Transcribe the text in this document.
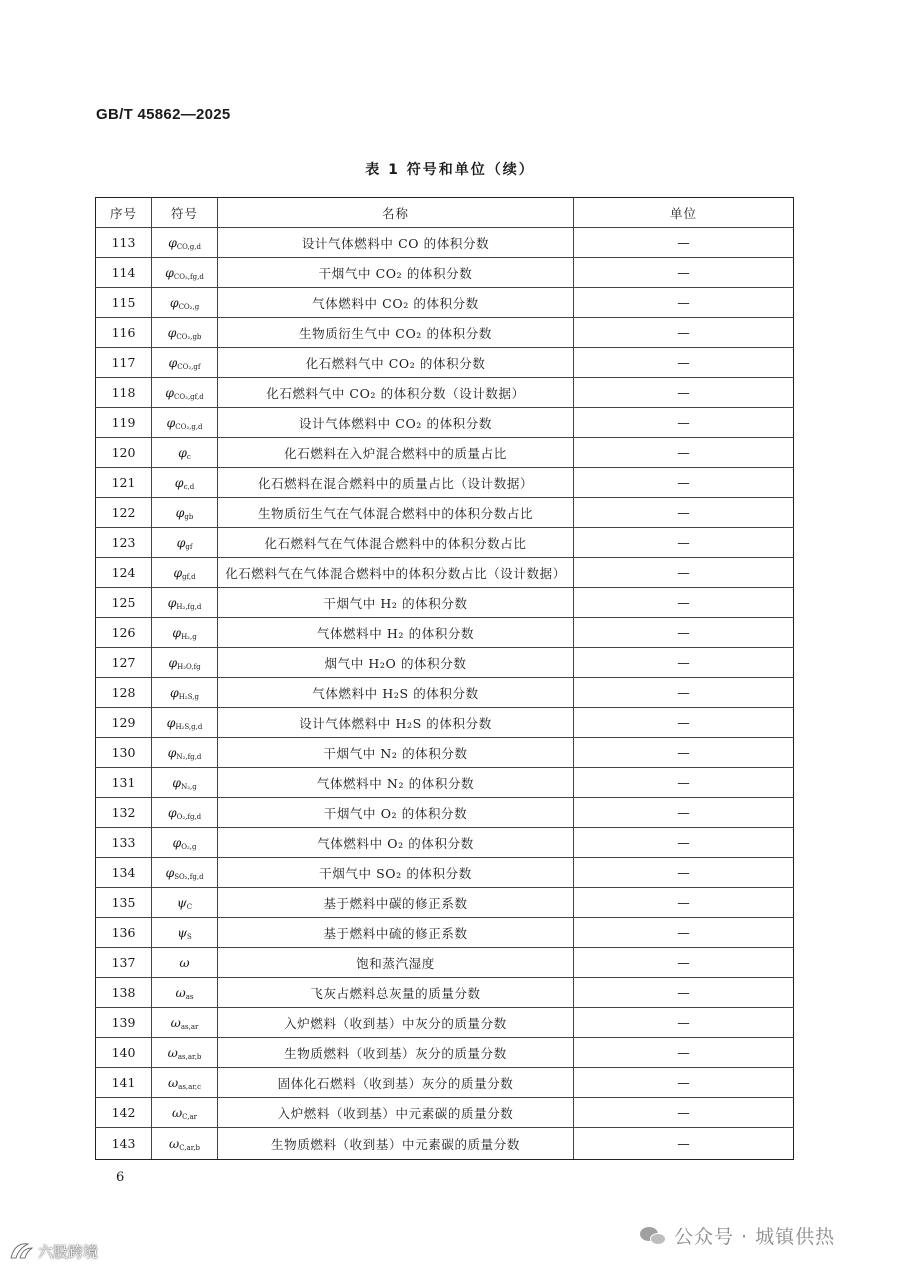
GB/T 45862—2025
表 1 符号和单位（续）
序号	符号	名称	单位
113	$\varphi_{CO,g,d}$	设计气体燃料中 CO 的体积分数	—
114	$\varphi_{CO_2,fg,d}$	干烟气中 CO₂ 的体积分数	—
115	$\varphi_{CO_2,g}$	气体燃料中 CO₂ 的体积分数	—
116	$\varphi_{CO_2,gb}$	生物质衍生气中 CO₂ 的体积分数	—
117	$\varphi_{CO_2,gf}$	化石燃料气中 CO₂ 的体积分数	—
118	$\varphi_{CO_2,gf,d}$	化石燃料气中 CO₂ 的体积分数（设计数据）	—
119	$\varphi_{CO_2,g,d}$	设计气体燃料中 CO₂ 的体积分数	—
120	$\varphi_c$	化石燃料在入炉混合燃料中的质量占比	—
121	$\varphi_{c,d}$	化石燃料在混合燃料中的质量占比（设计数据）	—
122	$\varphi_{gb}$	生物质衍生气在气体混合燃料中的体积分数占比	—
123	$\varphi_{gf}$	化石燃料气在气体混合燃料中的体积分数占比	—
124	$\varphi_{gf,d}$	化石燃料气在气体混合燃料中的体积分数占比（设计数据）	—
125	$\varphi_{H_2,fg,d}$	干烟气中 H₂ 的体积分数	—
126	$\varphi_{H_2,g}$	气体燃料中 H₂ 的体积分数	—
127	$\varphi_{H_2O,fg}$	烟气中 H₂O 的体积分数	—
128	$\varphi_{H_2S,g}$	气体燃料中 H₂S 的体积分数	—
129	$\varphi_{H_2S,g,d}$	设计气体燃料中 H₂S 的体积分数	—
130	$\varphi_{N_2,fg,d}$	干烟气中 N₂ 的体积分数	—
131	$\varphi_{N_2,g}$	气体燃料中 N₂ 的体积分数	—
132	$\varphi_{O_2,fg,d}$	干烟气中 O₂ 的体积分数	—
133	$\varphi_{O_2,g}$	气体燃料中 O₂ 的体积分数	—
134	$\varphi_{SO_2,fg,d}$	干烟气中 SO₂ 的体积分数	—
135	$\psi_C$	基于燃料中碳的修正系数	—
136	$\psi_S$	基于燃料中硫的修正系数	—
137	ω	饱和蒸汽湿度	—
138	$\omega_{as}$	飞灰占燃料总灰量的质量分数	—
139	$\omega_{as,ar}$	入炉燃料（收到基）中灰分的质量分数	—
140	$\omega_{as,ar,b}$	生物质燃料（收到基）灰分的质量分数	—
141	$\omega_{as,ar,c}$	固体化石燃料（收到基）灰分的质量分数	—
142	$\omega_{C,ar}$	入炉燃料（收到基）中元素碳的质量分数	—
143	$\omega_{C,ar,b}$	生物质燃料（收到基）中元素碳的质量分数	—
6
公众号 · 城镇供热
六股跨境
